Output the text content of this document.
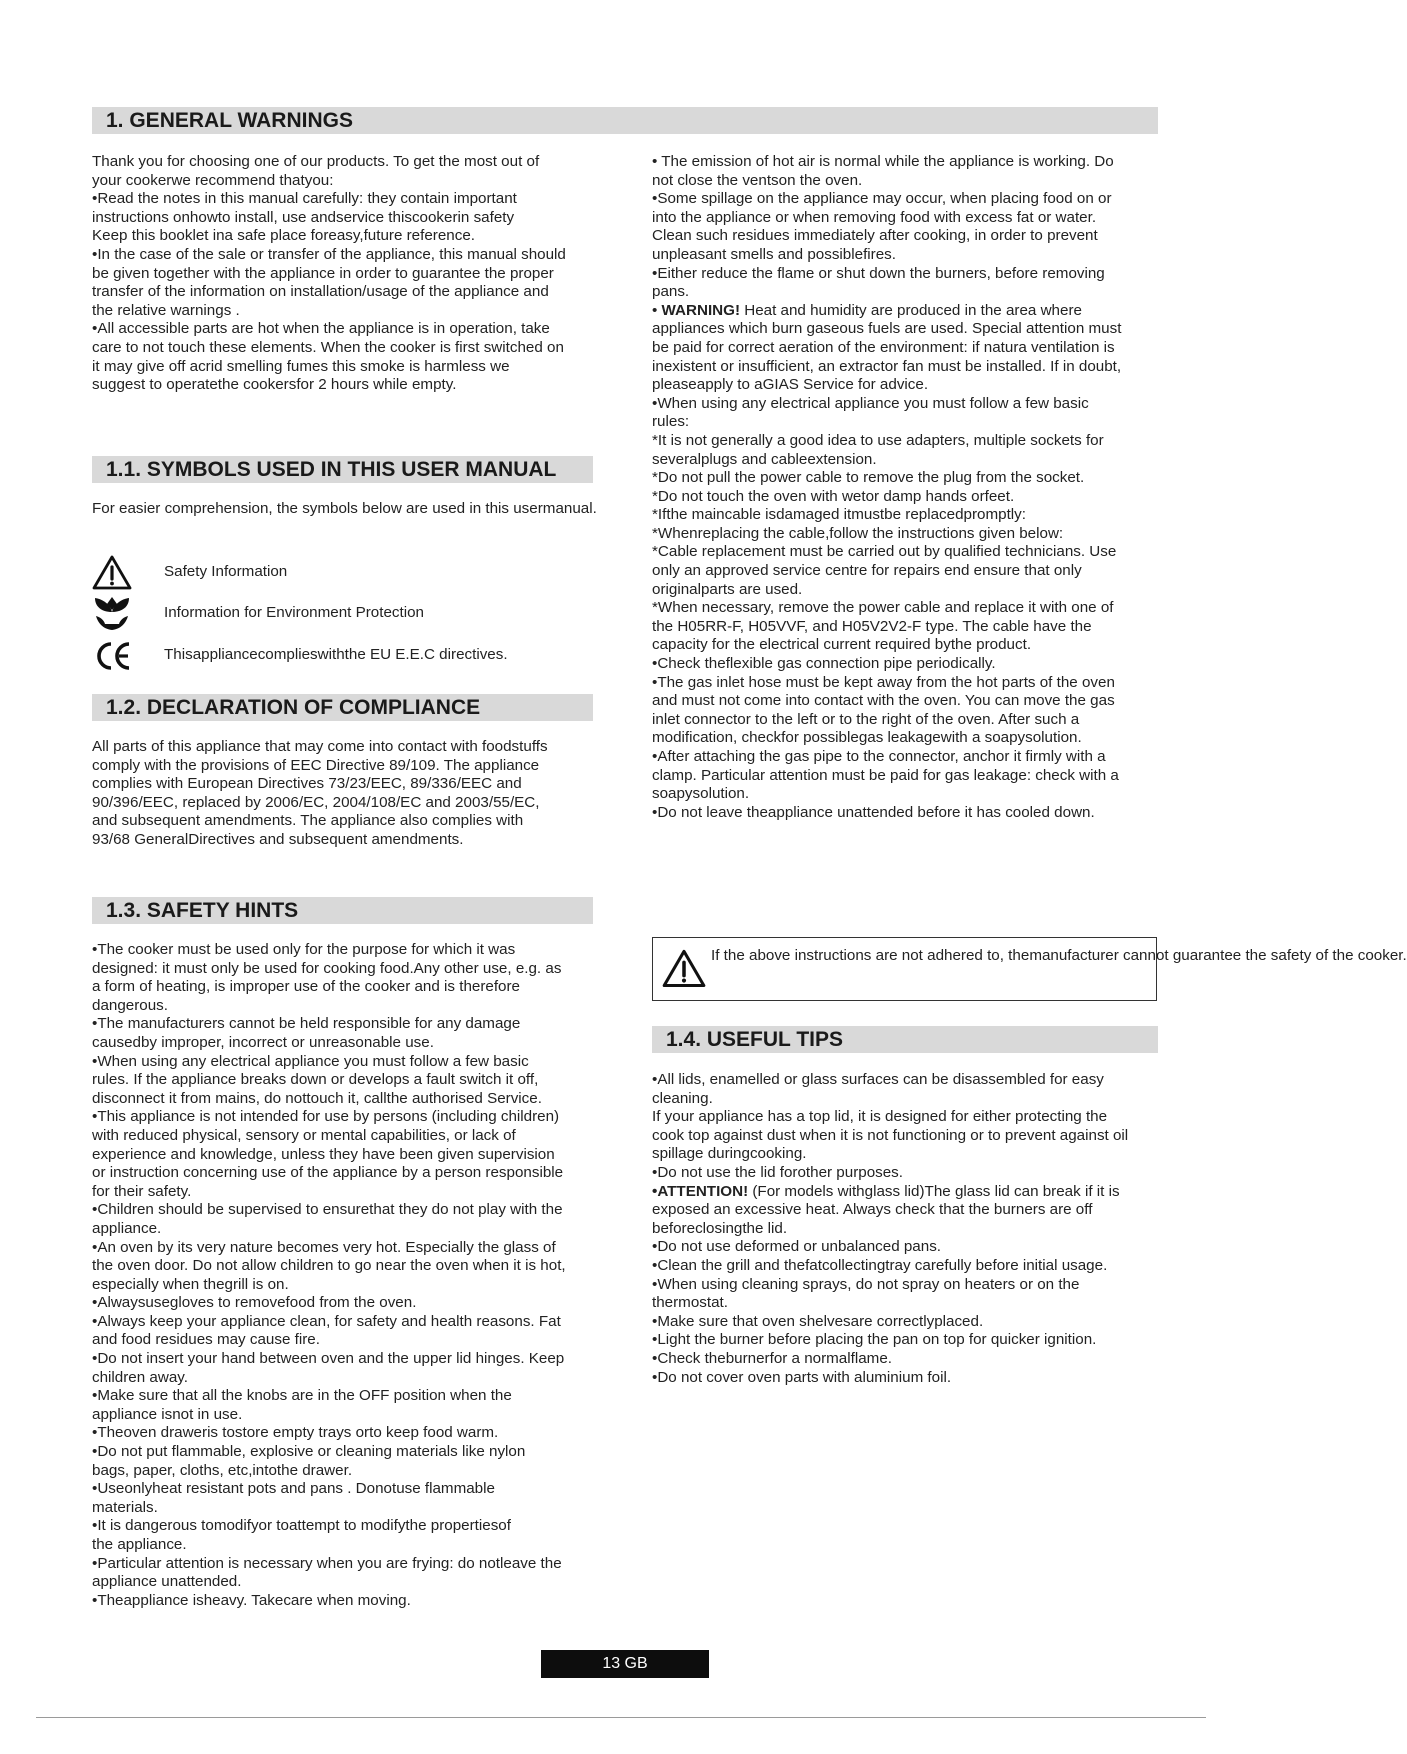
1. GENERAL WARNINGS
Thank you for choosing one of our products. To get the most out of
your cookerwe recommend thatyou:
•Read the notes in this manual carefully: they contain important
instructions onhowto install, use andservice thiscookerin safety
Keep this booklet ina safe place foreasy,future reference.
•In the case of the sale or transfer of the appliance, this manual should
be given together with the appliance in order to guarantee the proper
transfer of the information on installation/usage of the appliance and
the relative warnings .
•All accessible parts are hot when the appliance is in operation, take
care to not touch these elements. When the cooker is first switched on
it may give off acrid smelling fumes this smoke is harmless we
suggest to operatethe cookersfor 2 hours while empty.
• The emission of hot air is normal while the appliance is working. Do
not close the ventson the oven.
•Some spillage on the appliance may occur, when placing food on or
into the appliance or when removing food with excess fat or water.
Clean such residues immediately after cooking, in order to prevent
unpleasant smells and possiblefires.
•Either reduce the flame or shut down the burners, before removing
pans.
• WARNING! Heat and humidity are produced in the area where
appliances which burn gaseous fuels are used. Special attention must
be paid for correct aeration of the environment: if natura ventilation is
inexistent or insufficient, an extractor fan must be installed. If in doubt,
pleaseapply to aGIAS Service for advice.
•When using any electrical appliance you must follow a few basic
rules:
*It is not generally a good idea to use adapters, multiple sockets for
severalplugs and cableextension.
*Do not pull the power cable to remove the plug from the socket.
*Do not touch the oven with wetor damp hands orfeet.
*Ifthe maincable isdamaged itmustbe replacedpromptly:
*Whenreplacing the cable,follow the instructions given below:
*Cable replacement must be carried out by qualified technicians. Use
only an approved service centre for repairs end ensure that only
originalparts are used.
*When necessary, remove the power cable and replace it with one of
the H05RR-F, H05VVF, and H05V2V2-F type. The cable have the
capacity for the electrical current required bythe product.
•Check theflexible gas connection pipe periodically.
•The gas inlet hose must be kept away from the hot parts of the oven
and must not come into contact with the oven. You can move the gas
inlet connector to the left or to the right of the oven. After such a
modification, checkfor possiblegas leakagewith a soapysolution.
•After attaching the gas pipe to the connector, anchor it firmly with a
clamp. Particular attention must be paid for gas leakage: check with a
soapysolution.
•Do not leave theappliance unattended before it has cooled down.
1.1. SYMBOLS USED IN THIS USER MANUAL
For easier comprehension, the symbols below are used in this usermanual.
Safety Information
Information for Environment Protection
Thisappliancecomplieswiththe EU E.E.C directives.
1.2. DECLARATION OF COMPLIANCE
All parts of this appliance that may come into contact with foodstuffs
comply with the provisions of EEC Directive 89/109. The appliance
complies with European Directives 73/23/EEC, 89/336/EEC and
90/396/EEC, replaced by 2006/EC, 2004/108/EC and 2003/55/EC,
and subsequent amendments. The appliance also complies with
93/68 GeneralDirectives and subsequent amendments.
1.3. SAFETY HINTS
•The cooker must be used only for the purpose for which it was
designed: it must only be used for cooking food.Any other use, e.g. as
a form of heating, is improper use of the cooker and is therefore
dangerous.
•The manufacturers cannot be held responsible for any damage
causedby improper, incorrect or unreasonable use.
•When using any electrical appliance you must follow a few basic
rules. If the appliance breaks down or develops a fault switch it off,
disconnect it from mains, do nottouch it, callthe authorised Service.
•This appliance is not intended for use by persons (including children)
with reduced physical, sensory or mental capabilities, or lack of
experience and knowledge, unless they have been given supervision
or instruction concerning use of the appliance by a person responsible
for their safety.
•Children should be supervised to ensurethat they do not play with the
appliance.
•An oven by its very nature becomes very hot. Especially the glass of
the oven door. Do not allow children to go near the oven when it is hot,
especially when thegrill is on.
•Alwaysusegloves to removefood from the oven.
•Always keep your appliance clean, for safety and health reasons. Fat
and food residues may cause fire.
•Do not insert your hand between oven and the upper lid hinges. Keep
children away.
•Make sure that all the knobs are in the OFF position when the
appliance isnot in use.
•Theoven draweris tostore empty trays orto keep food warm.
•Do not put flammable, explosive or cleaning materials like nylon
bags, paper, cloths, etc,intothe drawer.
•Useonlyheat resistant pots and pans . Donotuse flammable
materials.
•It is dangerous tomodifyor toattempt to modifythe propertiesof
the appliance.
•Particular attention is necessary when you are frying: do notleave the
appliance unattended.
•Theappliance isheavy. Takecare when moving.
If the above instructions are not adhered to, themanufacturer cannot guarantee the safety of the cooker.
1.4. USEFUL TIPS
•All lids, enamelled or glass surfaces can be disassembled for easy
cleaning.
If your appliance has a top lid, it is designed for either protecting the
cook top against dust when it is not functioning or to prevent against oil
spillage duringcooking.
•Do not use the lid forother purposes.
•ATTENTION! (For models withglass lid)The glass lid can break if it is
exposed an excessive heat. Always check that the burners are off
beforeclosingthe lid.
•Do not use deformed or unbalanced pans.
•Clean the grill and thefatcollectingtray carefully before initial usage.
•When using cleaning sprays, do not spray on heaters or on the
thermostat.
•Make sure that oven shelvesare correctlyplaced.
•Light the burner before placing the pan on top for quicker ignition.
•Check theburnerfor a normalflame.
•Do not cover oven parts with aluminium foil.
13 GB
